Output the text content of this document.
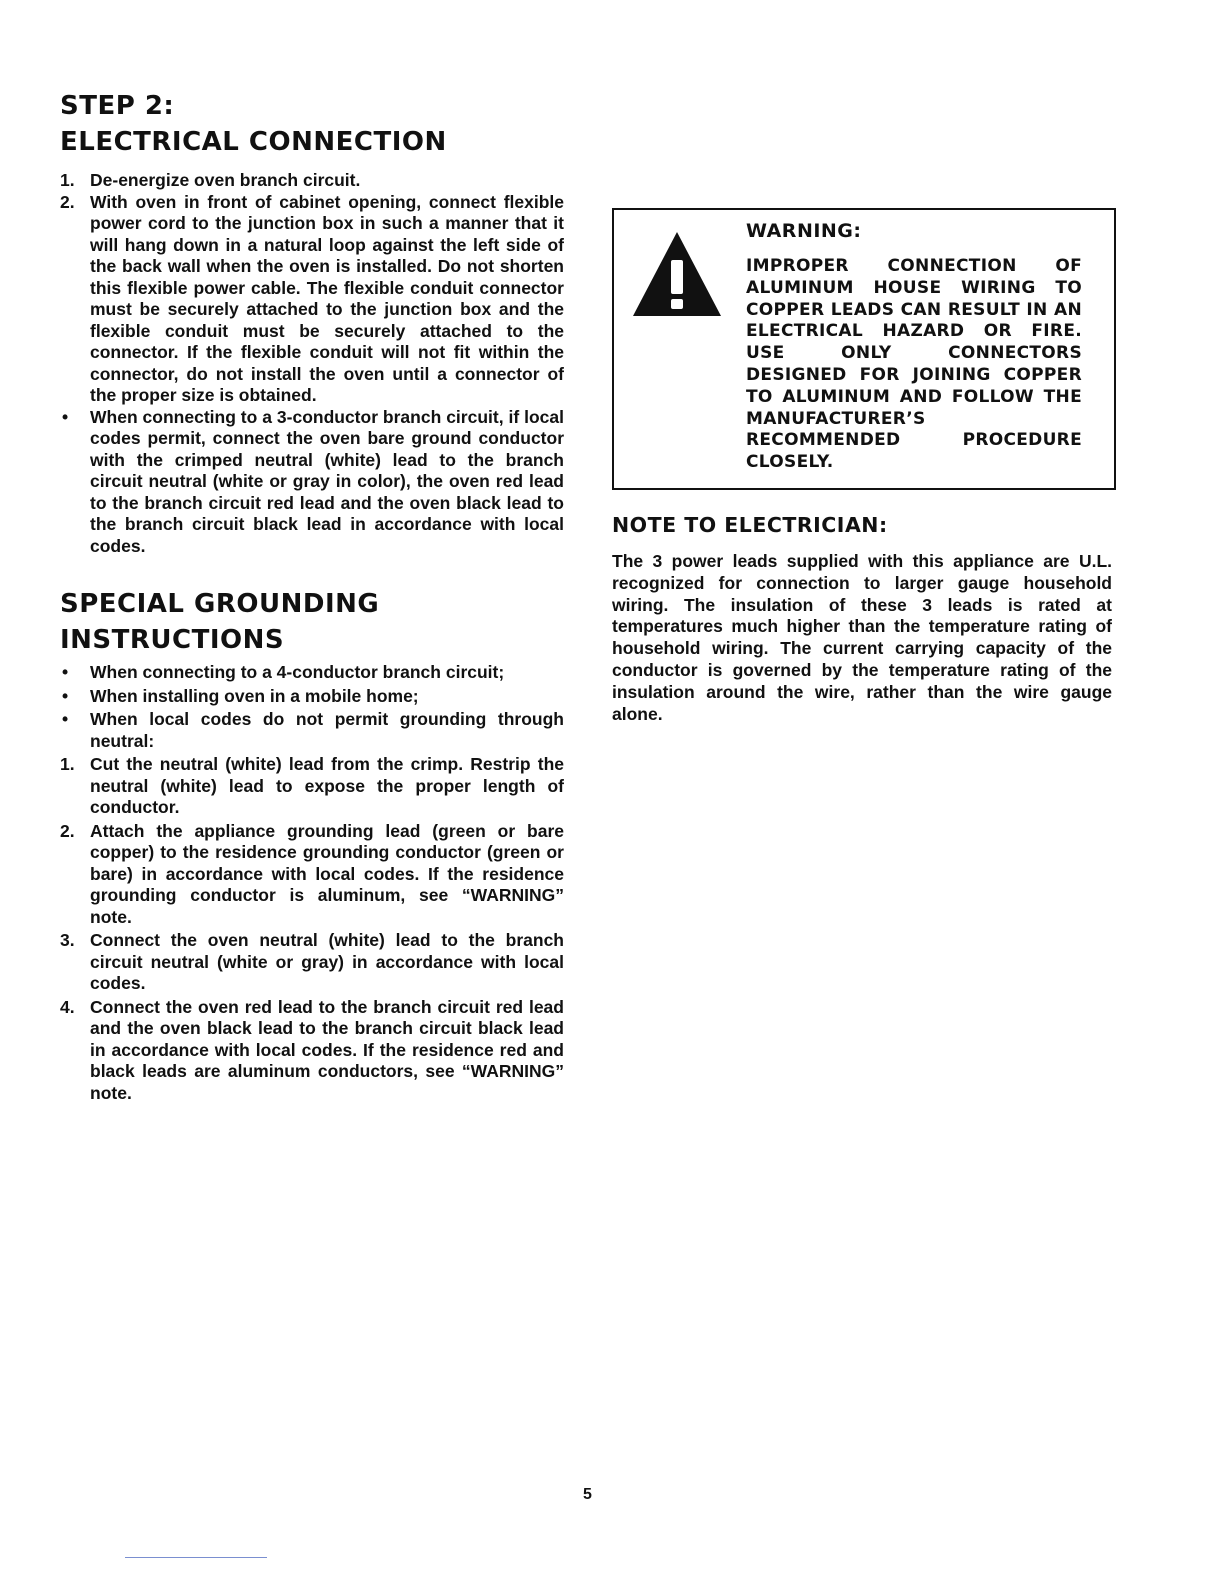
STEP 2:
ELECTRICAL CONNECTION
1. De-energize oven branch circuit.
2. With oven in front of cabinet opening, connect flexible power cord to the junction box in such a manner that it will hang down in a natural loop against the left side of the back wall when the oven is installed. Do not shorten this flexible power cable. The flexible conduit connector must be securely attached to the junction box and the flexible conduit must be securely attached to the connector. If the flexible conduit will not fit within the connector, do not install the oven until a connector of the proper size is obtained.
•	When connecting to a 3-conductor branch circuit, if local codes permit, connect the oven bare ground conductor with the crimped neutral (white) lead to the branch circuit neutral (white or gray in color), the oven red lead to the branch circuit red lead and the oven black lead to the branch circuit black lead in accordance with local codes.
SPECIAL GROUNDING
INSTRUCTIONS
•	When connecting to a 4-conductor branch circuit;
•	When installing oven in a mobile home;
•	When local codes do not permit grounding through neutral:
1. Cut the neutral (white) lead from the crimp. Restrip the neutral (white) lead to expose the proper length of conductor.
2. Attach the appliance grounding lead (green or bare copper) to the residence grounding conductor (green or bare) in accordance with local codes. If the residence grounding conductor is aluminum, see “WARNING” note.
3. Connect the oven neutral (white) lead to the branch circuit neutral (white or gray) in accordance with local codes.
4. Connect the oven red lead to the branch circuit red lead and the oven black lead to the branch circuit black lead in accordance with local codes. If the residence red and black leads are aluminum conductors, see “WARNING” note.
WARNING:

IMPROPER CONNECTION OF ALUMINUM HOUSE WIRING TO COPPER LEADS CAN RESULT IN AN ELECTRICAL HAZARD OR FIRE. USE ONLY CONNECTORS DESIGNED FOR JOINING COPPER TO ALUMINUM AND FOLLOW THE MANUFACTURER’S RECOMMENDED PROCEDURE CLOSELY.

NOTE TO ELECTRICIAN:

The 3 power leads supplied with this appliance are U.L. recognized for connection to larger gauge household wiring. The insulation of these 3 leads is rated at temperatures much higher than the temperature rating of household wiring. The current carrying capacity of the conductor is governed by the temperature rating of the insulation around the wire, rather than the wire gauge alone.

5
